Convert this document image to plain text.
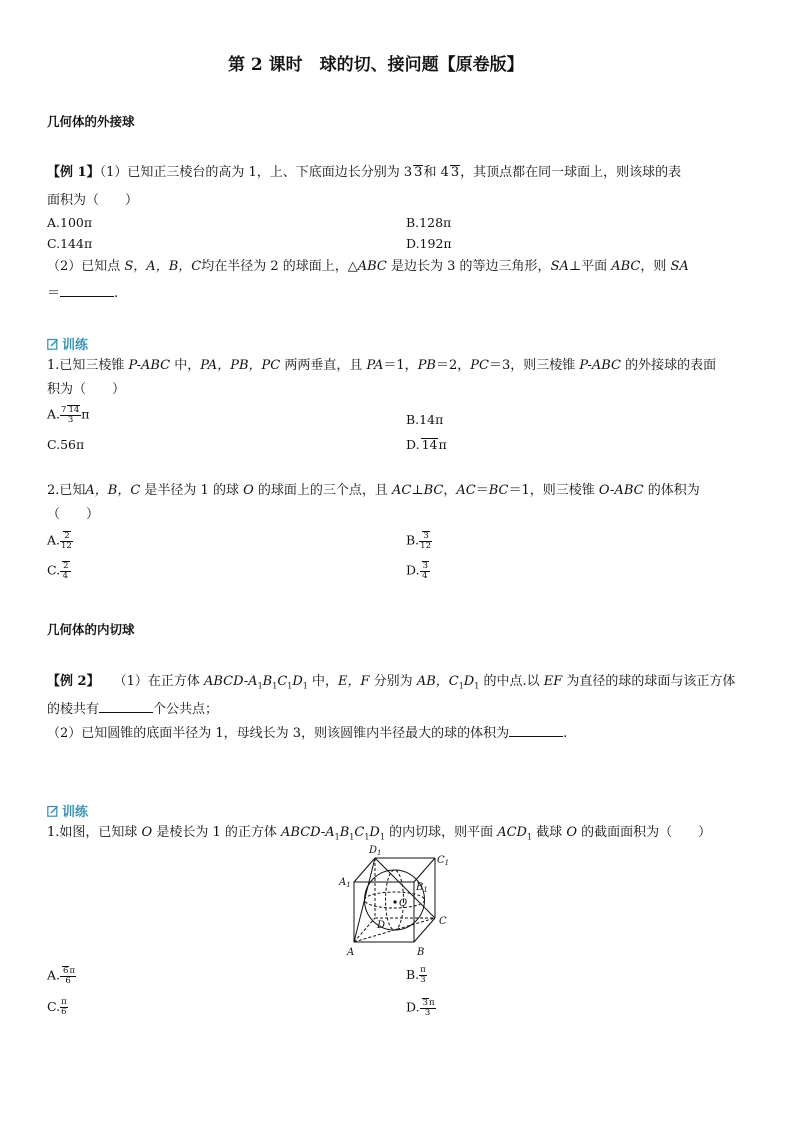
第 2 课时　球的切、接问题【原卷版】
几何体的外接球
【例 1】（1）已知正三棱台的高为 1，上、下底面边长分别为 3 3和 4 3，其顶点都在同一球面上，则该球的表
面积为（　　）
A.100π	B.128π
C.144π	D.192π
（2）已知点 S，A，B，C均在半径为 2 的球面上，△ABC 是边长为 3 的等边三角形，SA⊥平面 ABC，则 SA
＝	.
训练
1.已知三棱锥 P-ABC 中，PA，PB，PC 两两垂直，且 PA＝1，PB＝2，PC＝3，则三棱锥 P-ABC 的外接球的表面
积为（　　）
A. $\frac{7 14}{3}$ π	B.14π
C.56π	D. 14π
2.已知A，B，C 是半径为 1 的球 O 的球面上的三个点，且 AC⊥BC，AC＝BC＝1，则三棱锥 O-ABC 的体积为
（　　）
A. $\frac{2}{12}$	B. $\frac{3}{12}$
C. $\frac{2}{4}$	D. $\frac{3}{4}$
几何体的内切球
【例 2】 （1）在正方体 ABCD-$A_1B_1C_1D_1$ 中，E，F 分别为 AB，$C_1D_1$ 的中点.以 EF 为直径的球的球面与该正方体
的棱共有	个公共点；
（2）已知圆锥的底面半径为 1，母线长为 3，则该圆锥内半径最大的球的体积为	.
训练
1.如图，已知球 O 是棱长为 1 的正方体 ABCD-$A_1B_1C_1D_1$ 的内切球，则平面 $ACD_1$ 截球 O 的截面面积为（　　）
$D_1$
$C_1$
$A_1$	$B_1$
O
D	C
A	B
A. $\frac{6\pi}{6}$	B. $\frac{\pi}{3}$
C. $\frac{\pi}{6}$	D. $\frac{3\pi}{3}$
